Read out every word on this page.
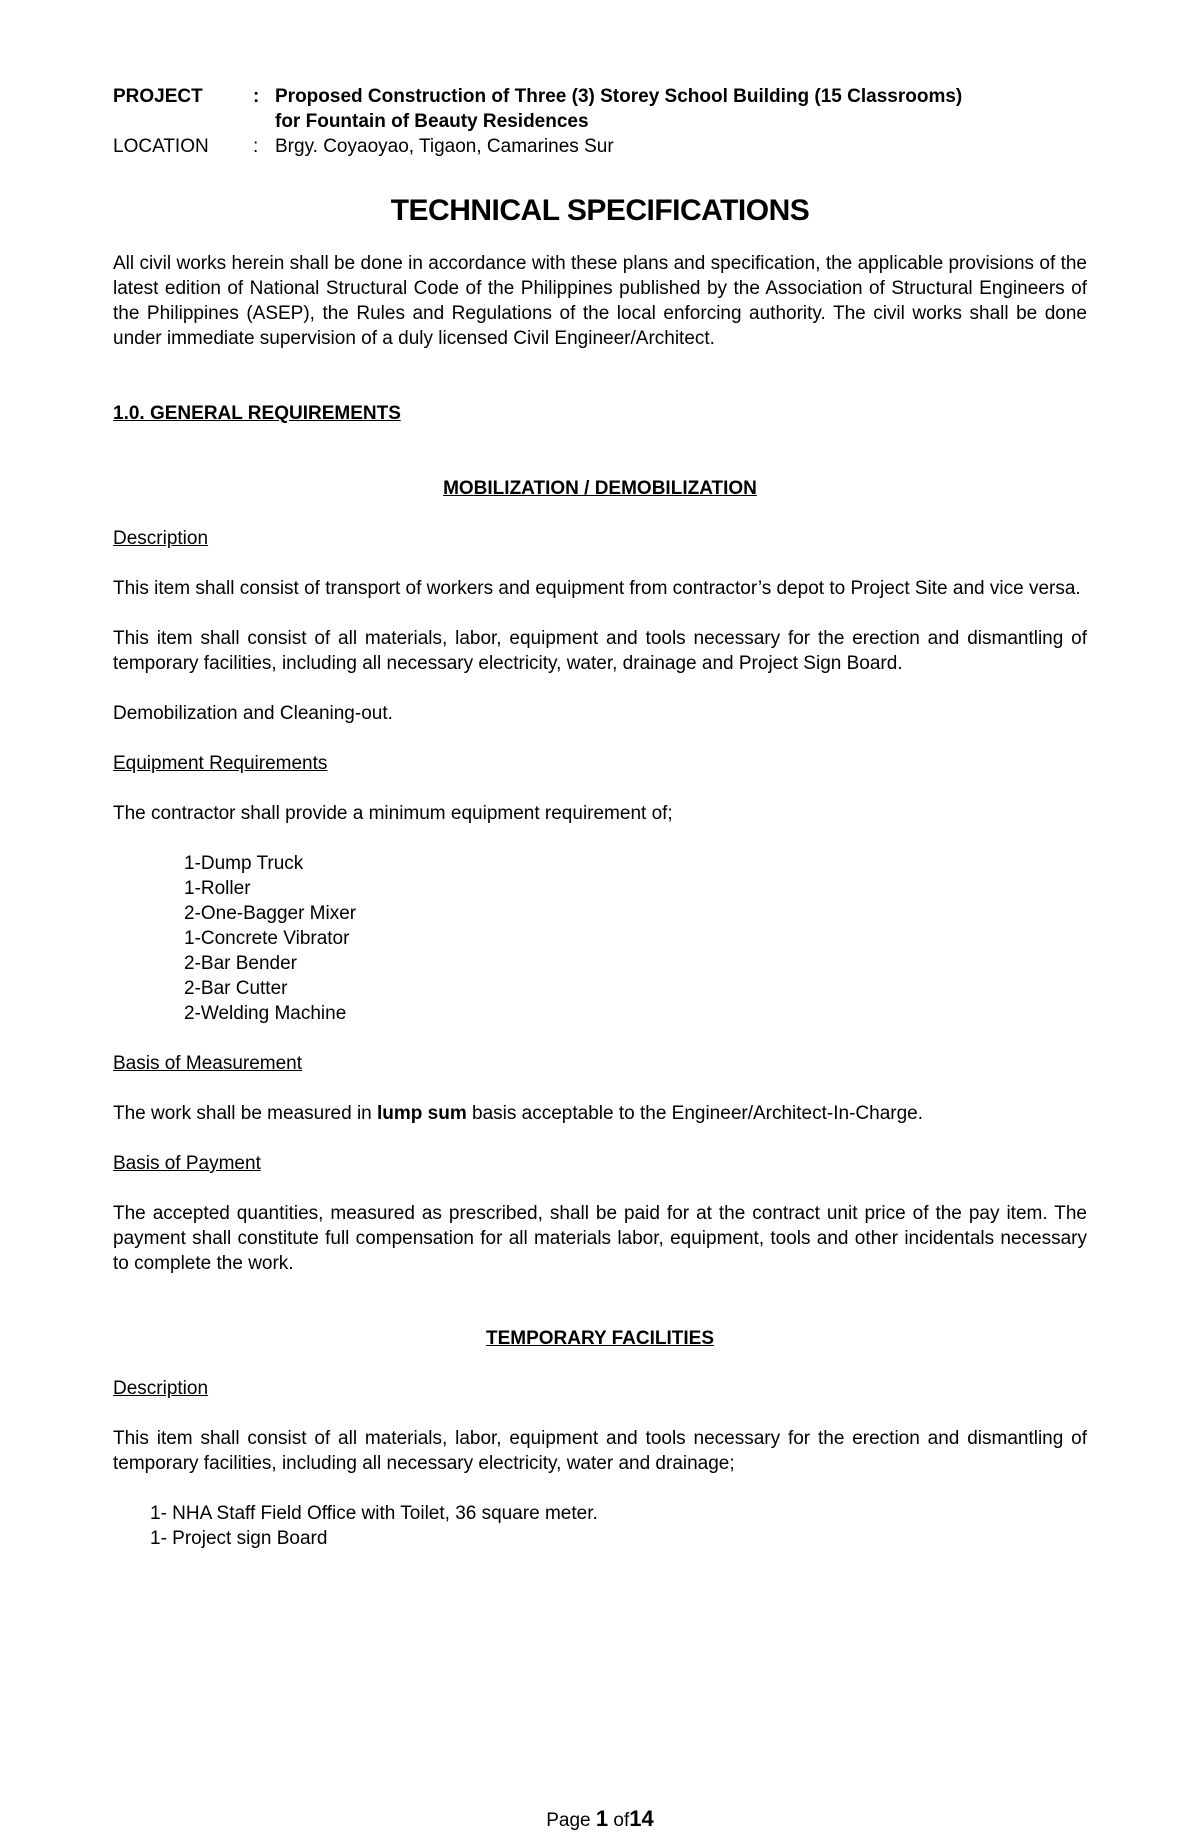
PROJECT	: Proposed Construction of Three (3) Storey School Building (15 Classrooms)
for Fountain of Beauty Residences
LOCATION	: Brgy. Coyaoyao, Tigaon, Camarines Sur
TECHNICAL SPECIFICATIONS

All civil works herein shall be done in accordance with these plans and specification, the applicable provisions of the latest edition of National Structural Code of the Philippines published by the Association of Structural Engineers of the Philippines (ASEP), the Rules and Regulations of the local enforcing authority. The civil works shall be done under immediate supervision of a duly licensed Civil Engineer/Architect.

1.0. GENERAL REQUIREMENTS

MOBILIZATION / DEMOBILIZATION

Description

This item shall consist of transport of workers and equipment from contractor’s depot to Project Site and vice versa.

This item shall consist of all materials, labor, equipment and tools necessary for the erection and dismantling of temporary facilities, including all necessary electricity, water, drainage and Project Sign Board.

Demobilization and Cleaning-out.

Equipment Requirements

The contractor shall provide a minimum equipment requirement of;

1-Dump Truck
1-Roller
2-One-Bagger Mixer
1-Concrete Vibrator
2-Bar Bender
2-Bar Cutter
2-Welding Machine

Basis of Measurement

The work shall be measured in lump sum basis acceptable to the Engineer/Architect-In-Charge.

Basis of Payment

The accepted quantities, measured as prescribed, shall be paid for at the contract unit price of the pay item. The payment shall constitute full compensation for all materials labor, equipment, tools and other incidentals necessary to complete the work.

TEMPORARY FACILITIES

Description

This item shall consist of all materials, labor, equipment and tools necessary for the erection and dismantling of temporary facilities, including all necessary electricity, water and drainage;

1- NHA Staff Field Office with Toilet, 36 square meter.
1- Project sign Board
Page 1 of14
